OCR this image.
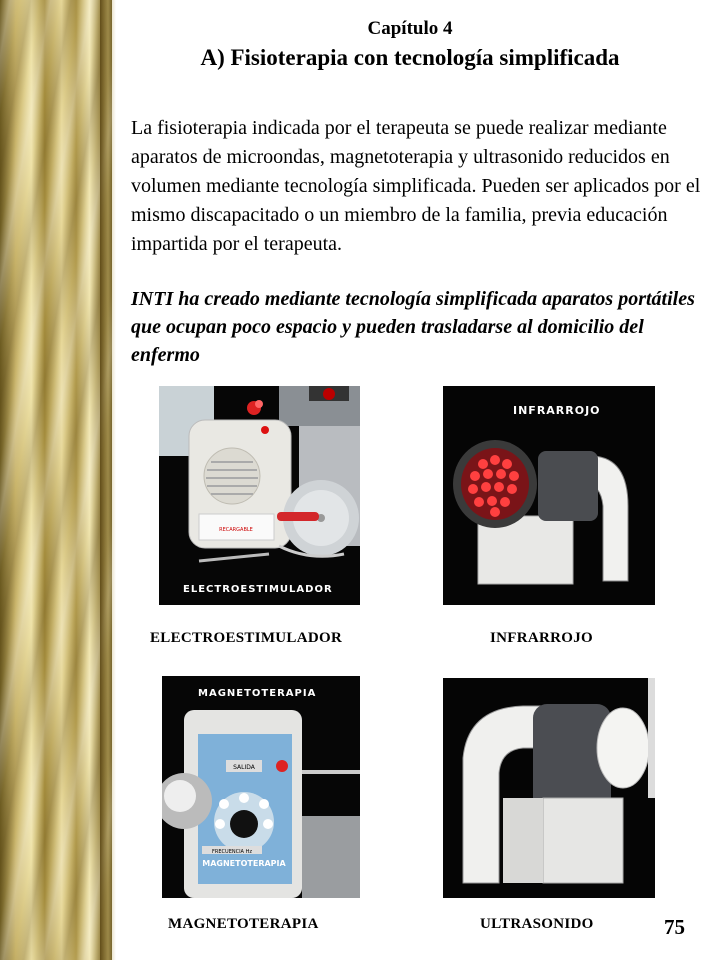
Capítulo 4
A) Fisioterapia con tecnología simplificada
La fisioterapia indicada por el terapeuta se puede realizar mediante aparatos de microondas, magnetoterapia y ultrasonido reducidos en volumen mediante tecnología simplificada. Pueden ser aplicados por el mismo discapacitado o un miembro de la familia, previa educación impartida por el terapeuta.
INTI ha creado mediante tecnología simplificada aparatos portátiles que ocupan poco espacio y pueden trasladarse al domicilio del enfermo
RECARGABLE
ELECTROESTIMULADOR
INFRARROJO
ELECTROESTIMULADOR	INFRARROJO
MAGNETOTERAPIA
SALIDA
FRECUENCIA Hz
MAGNETOTERAPIA
MAGNETOTERAPIA	ULTRASONIDO	75
